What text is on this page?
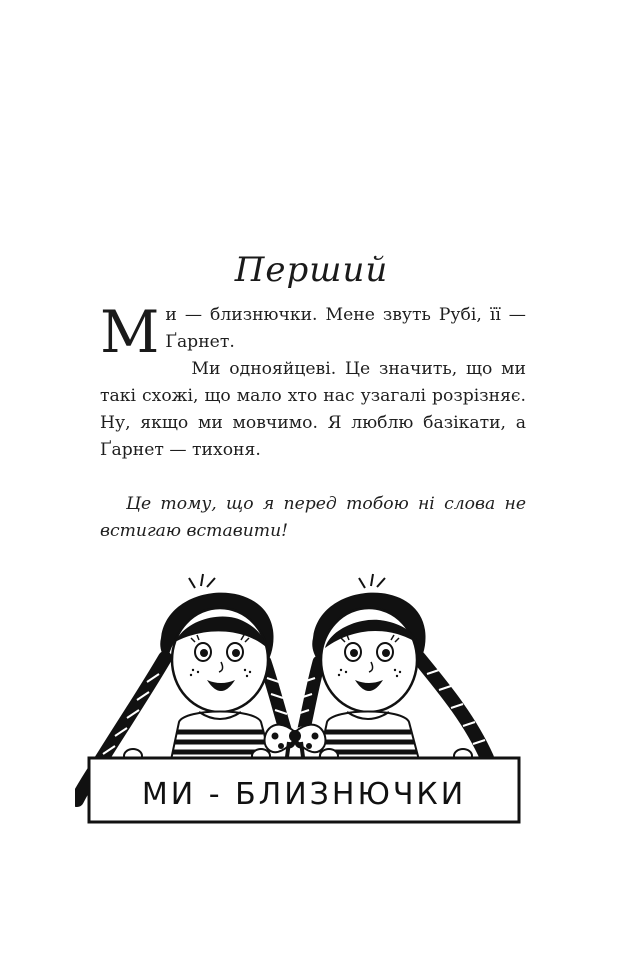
Перший

Ми — близнючки. Мене звуть Рубі, її — Ґарнет.

Ми однояйцеві. Це значить, що ми такі схожі, що мало хто нас узагалі розрізняє. Ну, якщо ми мовчимо. Я люблю базікати, а Ґарнет — тихоня.

Це тому, що я перед тобою ні слова не встигаю вставити!

МИ - БЛИЗНЮЧКИ
